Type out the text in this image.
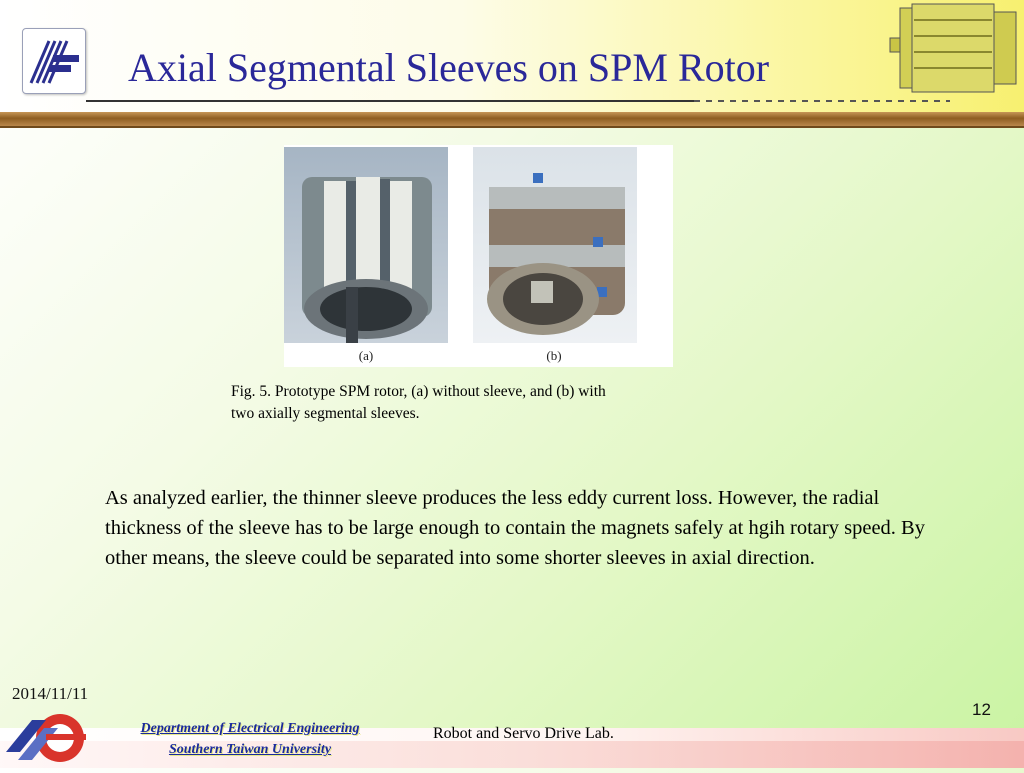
Axial Segmental Sleeves on SPM Rotor
(a)	(b)
Fig. 5. Prototype SPM rotor, (a) without sleeve, and (b) with
two axially segmental sleeves.
As analyzed earlier, the thinner sleeve produces the less eddy current loss. However, the radial thickness of the sleeve has to be large enough to contain the magnets safely at hgih rotary speed. By other means, the sleeve could be separated into some shorter sleeves in axial direction.
2014/11/11
12
Department of Electrical Engineering
Southern Taiwan University
Robot and Servo Drive Lab.
